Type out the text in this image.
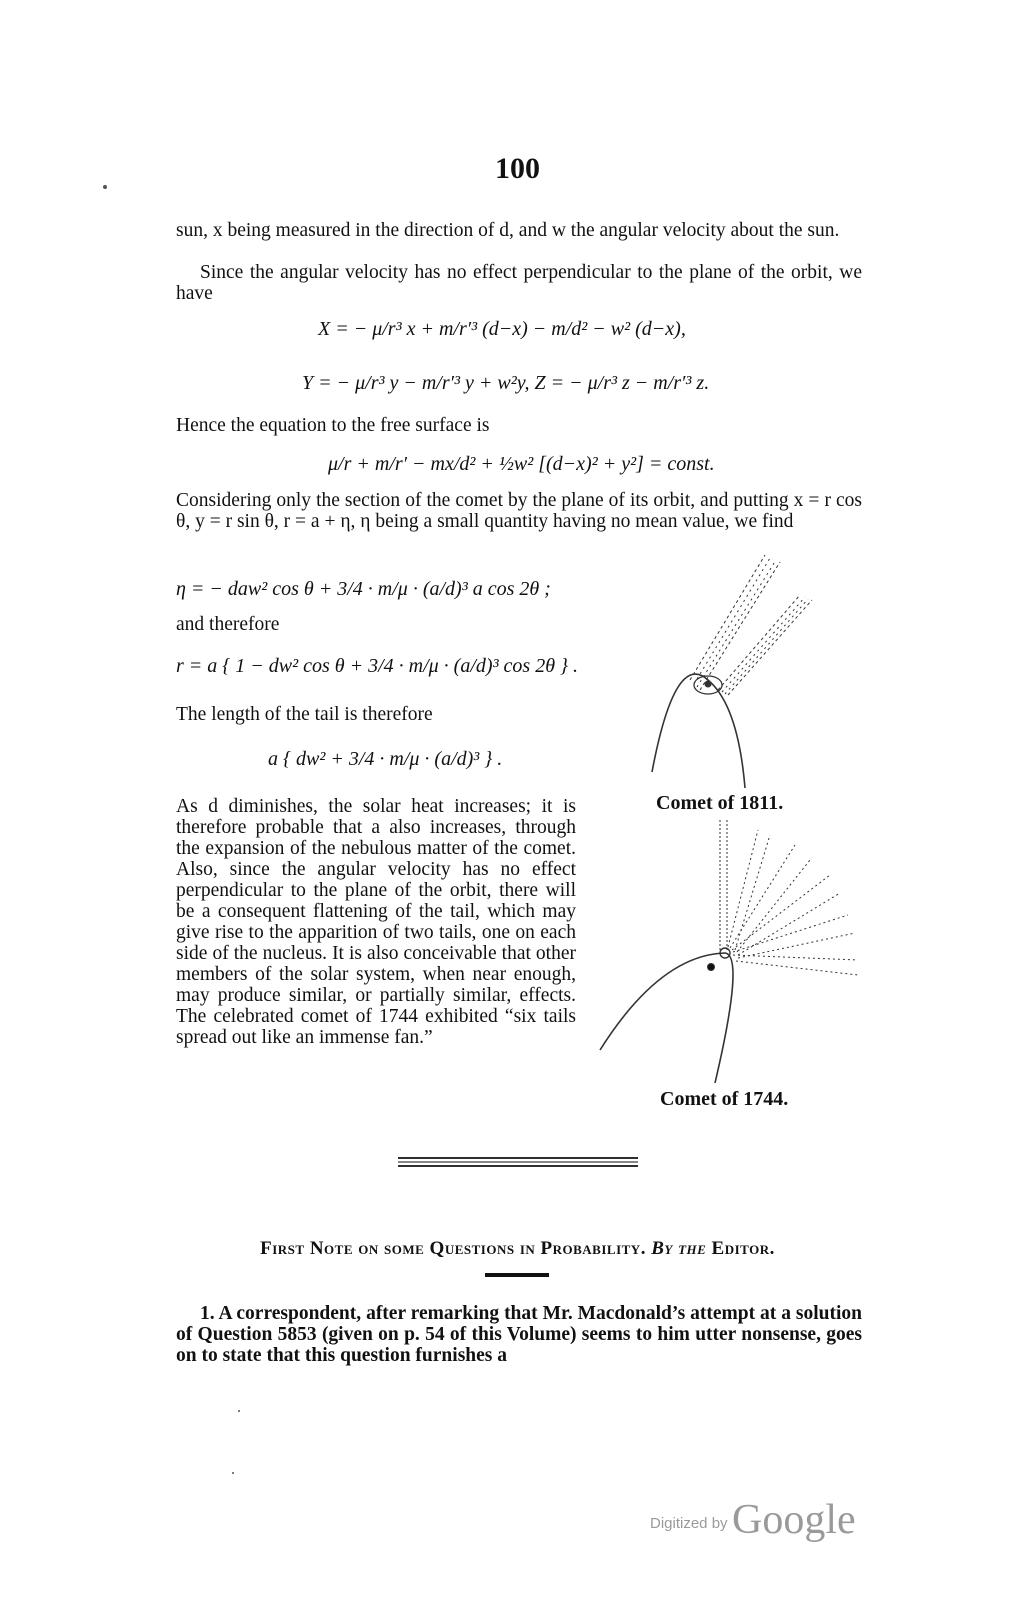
100
sun, x being measured in the direction of d, and w the angular velocity about the sun.
Since the angular velocity has no effect perpendicular to the plane of the orbit, we have
X = − μ/r³ x + m/r′³ (d−x) − m/d² − w² (d−x),
Y = − μ/r³ y − m/r′³ y + w²y, Z = − μ/r³ z − m/r′³ z.
Hence the equation to the free surface is
μ/r + m/r′ − mx/d² + ½w² [(d−x)² + y²] = const.
Considering only the section of the comet by the plane of its orbit, and putting x = r cos θ, y = r sin θ, r = a + η, η being a small quantity having no mean value, we find
η = − daw² cos θ + 3/4 · m/μ · (a/d)³ a cos 2θ ;
and therefore
r = a { 1 − dw² cos θ + 3/4 · m/μ · (a/d)³ cos 2θ } .
The length of the tail is therefore
a { dw² + 3/4 · m/μ · (a/d)³ } .
As d diminishes, the solar heat increases; it is therefore probable that a also increases, through the expansion of the nebulous matter of the comet. Also, since the angular velocity has no effect perpendicular to the plane of the orbit, there will be a consequent flattening of the tail, which may give rise to the apparition of two tails, one on each side of the nucleus. It is also conceivable that other members of the solar system, when near enough, may produce similar, or partially similar, effects. The celebrated comet of 1744 exhibited “six tails spread out like an immense fan.”
Comet of 1811.
Comet of 1744.
First Note on some Questions in Probability. By the Editor.
1. A correspondent, after remarking that Mr. Macdonald’s attempt at a solution of Question 5853 (given on p. 54 of this Volume) seems to him utter nonsense, goes on to state that this question furnishes a
Digitized by Google
